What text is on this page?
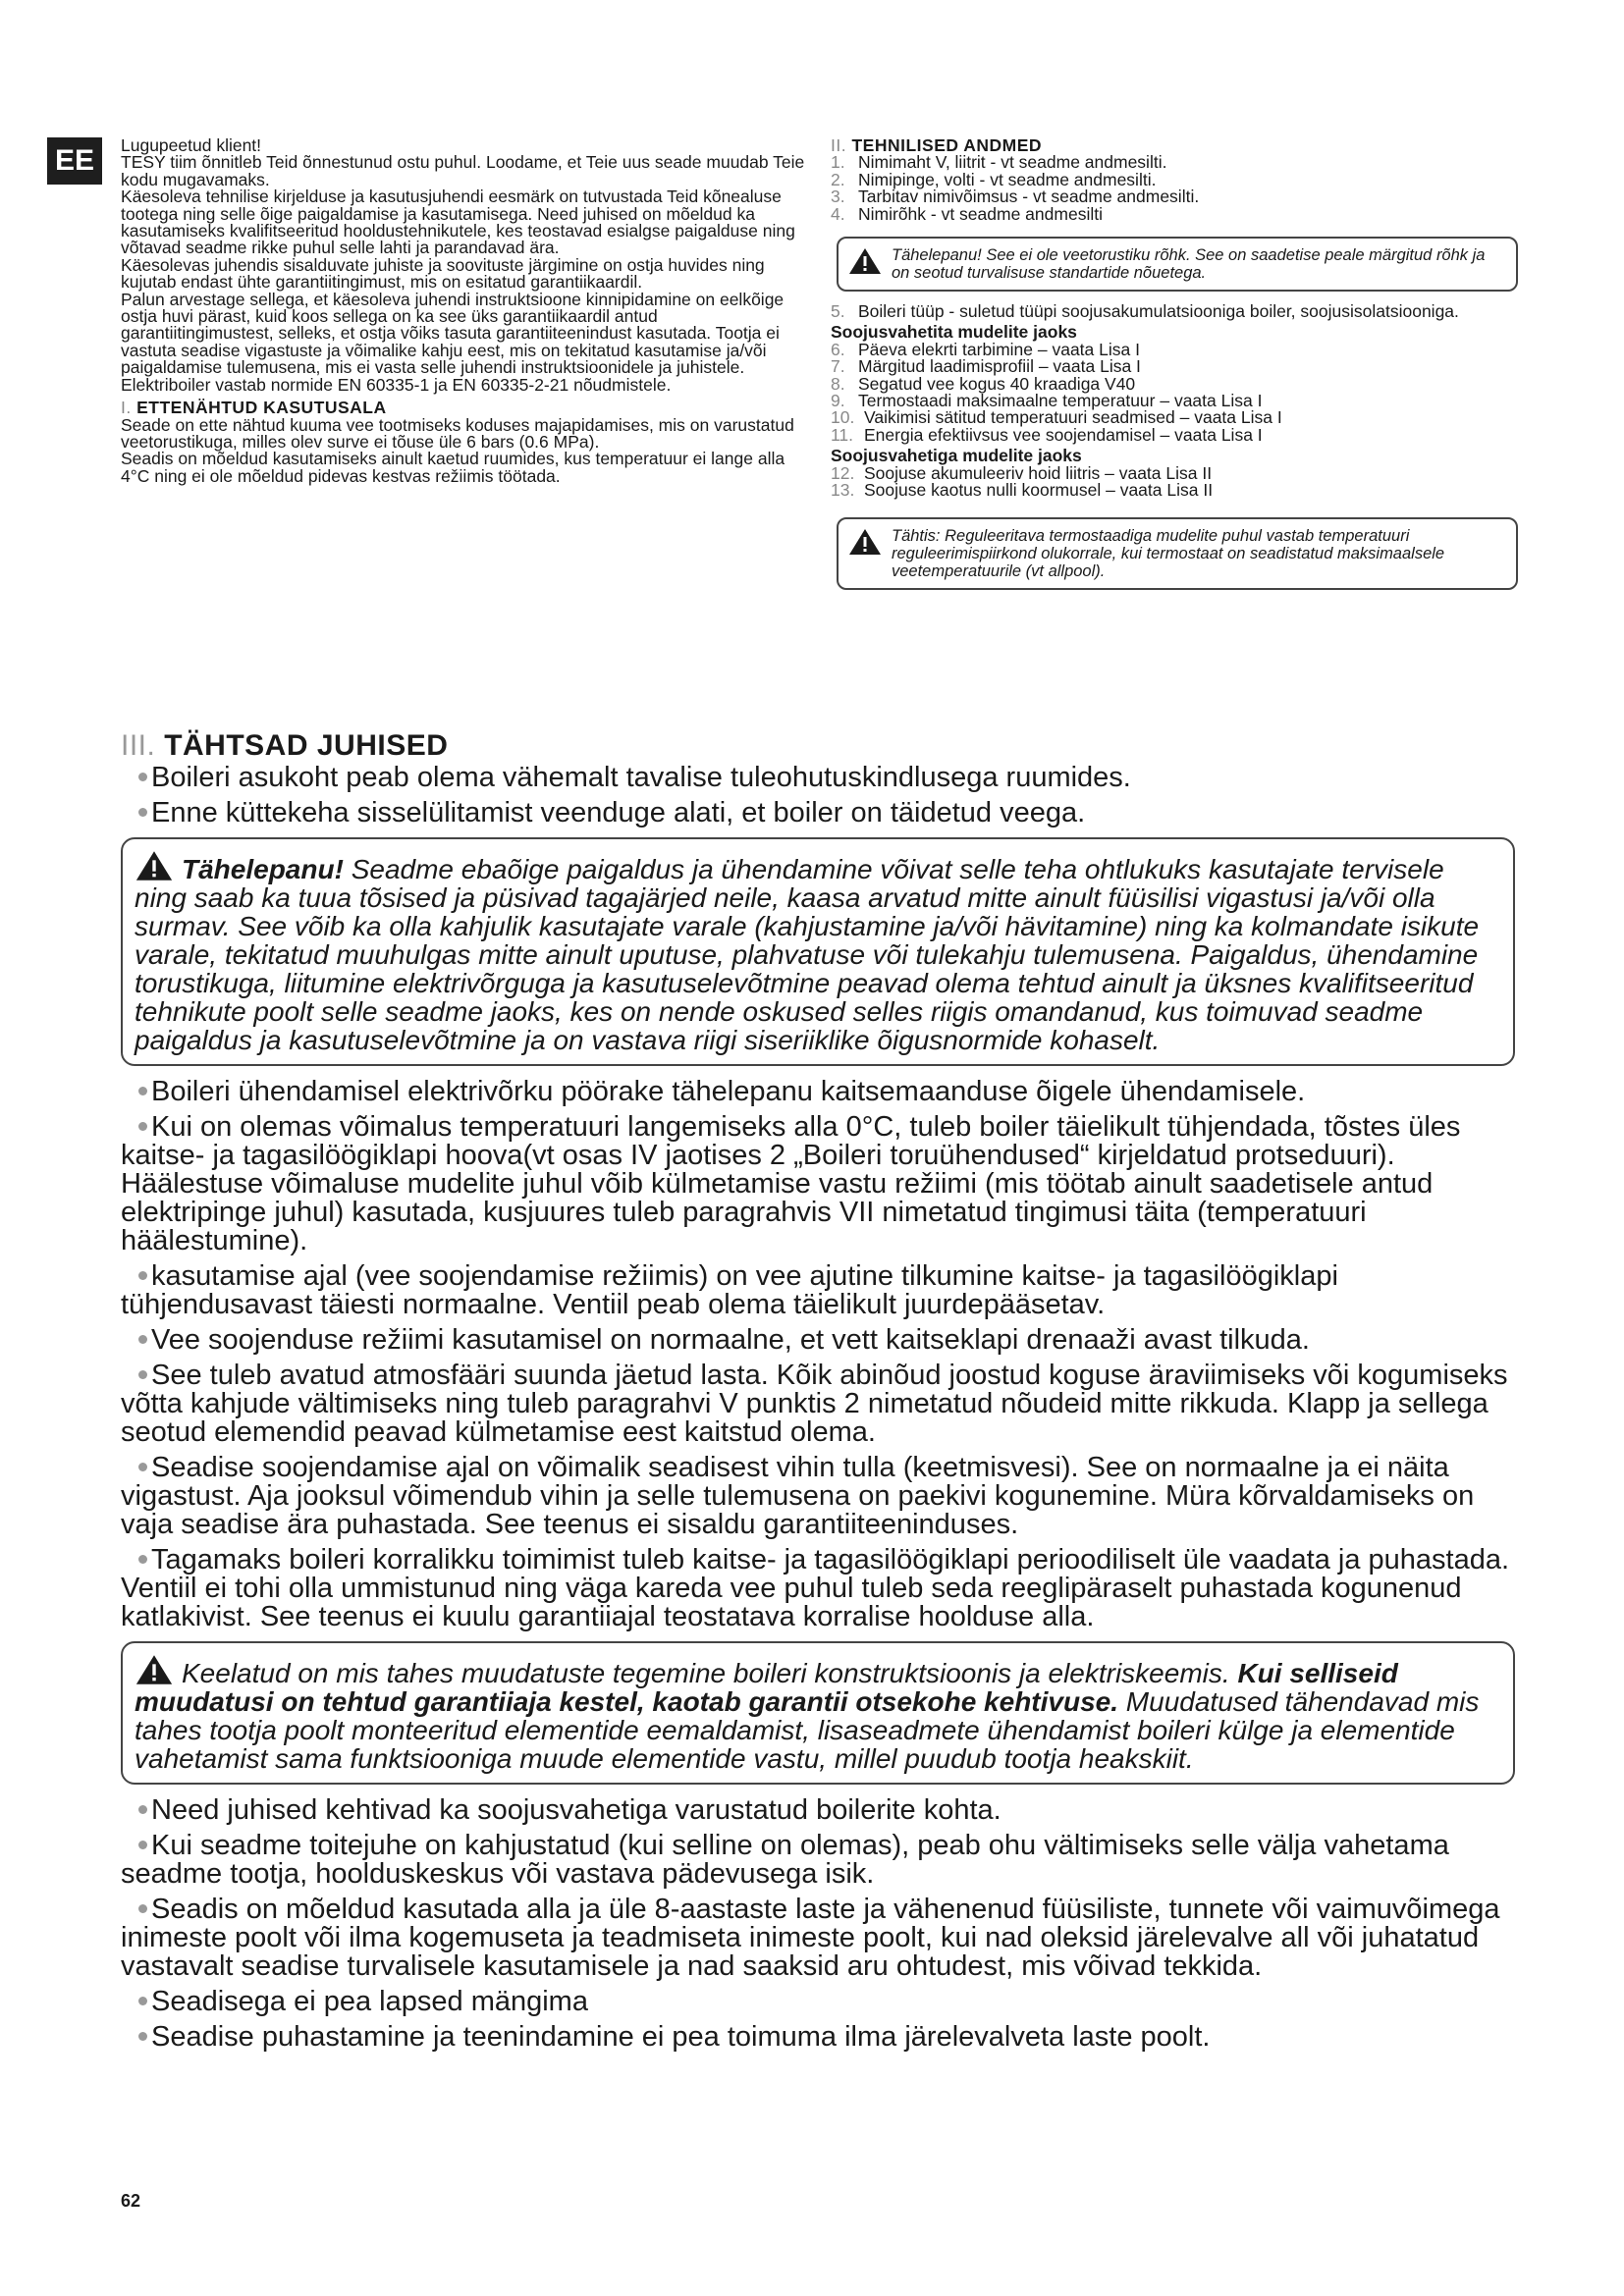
EE	Lugupeetud klient!

TESY tiim õnnitleb Teid õnnestunud ostu puhul. Loodame, et Teie uus seade muudab Teie kodu mugavamaks.

Käesoleva tehnilise kirjelduse ja kasutusjuhendi eesmärk on tutvustada Teid kõnealuse tootega ning selle õige paigaldamise ja kasutamisega. Need juhised on mõeldud ka kasutamiseks kvalifitseeritud hooldustehnikutele, kes teostavad esialgse paigalduse ning võtavad seadme rikke puhul selle lahti ja parandavad ära.

Käesolevas juhendis sisalduvate juhiste ja soovituste järgimine on ostja huvides ning kujutab endast ühte garantiitingimust, mis on esitatud garantiikaardil.

Palun arvestage sellega, et käesoleva juhendi instruktsioone kinnipidamine on eelkõige ostja huvi pärast, kuid koos sellega on ka see üks garantiikaardil antud garantiitingimustest, selleks, et ostja võiks tasuta garantiiteenindust kasutada. Tootja ei vastuta seadise vigastuste ja võimalike kahju eest, mis on tekitatud kasutamise ja/või paigaldamise tulemusena, mis ei vasta selle juhendi instruktsioonidele ja juhistele.

Elektriboiler vastab normide EN 60335-1 ja EN 60335-2-21 nõudmistele.

I. ETTENÄHTUD KASUTUSALA

Seade on ette nähtud kuuma vee tootmiseks koduses majapidamises, mis on varustatud veetorustikuga, milles olev surve ei tõuse üle 6 bars (0.6 MPa).

Seadis on mõeldud kasutamiseks ainult kaetud ruumides, kus temperatuur ei lange alla 4°C ning ei ole mõeldud pidevas kestvas režiimis töötada.

II. TEHNILISED ANDMED

1. Nimimaht V, liitrit - vt seadme andmesilti.
2. Nimipinge, volti - vt seadme andmesilti.
3. Tarbitav nimivõimsus - vt seadme andmesilti.
4. Nimirõhk - vt seadme andmesilti
Tähelepanu! See ei ole veetorustiku rõhk. See on saadetise peale märgitud rõhk ja on seotud turvalisuse standartide nõuetega.
5. Boileri tüüp - suletud tüüpi soojusakumulatsiooniga boiler, soojusisolatsiooniga.

Soojusvahetita mudelite jaoks

6. Päeva elekrti tarbimine – vaata Lisa I
7. Märgitud laadimisprofiil – vaata Lisa I
8. Segatud vee kogus 40 kraadiga V40
9. Termostaadi maksimaalne temperatuur – vaata Lisa I
10. Vaikimisi sätitud temperatuuri seadmised – vaata Lisa I
11. Energia efektiivsus vee soojendamisel – vaata Lisa I

Soojusvahetiga mudelite jaoks

12. Soojuse akumuleeriv hoid liitris – vaata Lisa II
13. Soojuse kaotus nulli koormusel – vaata Lisa II
Tähtis: Reguleeritava termostaadiga mudelite puhul vastab temperatuuri reguleerimispiirkond olukorrale, kui termostaat on seadistatud maksimaalsele veetemperatuurile (vt allpool).

III. TÄHTSAD JUHISED

Boileri asukoht peab olema vähemalt tavalise tuleohutuskindlusega ruumides.

Enne küttekeha sisselülitamist veenduge alati, et boiler on täidetud veega.

Tähelepanu! Seadme ebaõige paigaldus ja ühendamine võivat selle teha ohtlukuks kasutajate tervisele ning saab ka tuua tõsised ja püsivad tagajärjed neile, kaasa arvatud mitte ainult füüsilisi vigastusi ja/või olla surmav. See võib ka olla kahjulik kasutajate varale (kahjustamine ja/või hävitamine) ning ka kolmandate isikute varale, tekitatud muuhulgas mitte ainult uputuse, plahvatuse või tulekahju tulemusena. Paigaldus, ühendamine torustikuga, liitumine elektrivõrguga ja kasutuselevõtmine peavad olema tehtud ainult ja üksnes kvalifitseeritud tehnikute poolt selle seadme jaoks, kes on nende oskused selles riigis omandanud, kus toimuvad seadme paigaldus ja kasutuselevõtmine ja on vastava riigi siseriiklike õigusnormide kohaselt.

Boileri ühendamisel elektrivõrku pöörake tähelepanu kaitsemaanduse õigele ühendamisele.

Kui on olemas võimalus temperatuuri langemiseks alla 0°C, tuleb boiler täielikult tühjendada, tõstes üles kaitse- ja tagasilöögiklapi hoova(vt osas IV jaotises 2 „Boileri toruühendused“ kirjeldatud protseduuri). Häälestuse võimaluse mudelite juhul võib külmetamise vastu režiimi (mis töötab ainult saadetisele antud elektripinge juhul) kasutada, kusjuures tuleb paragrahvis VII nimetatud tingimusi täita (temperatuuri häälestumine).

kasutamise ajal (vee soojendamise režiimis) on vee ajutine tilkumine kaitse- ja tagasilöögiklapi tühjendusavast täiesti normaalne. Ventiil peab olema täielikult juurdepääsetav.

Vee soojenduse režiimi kasutamisel on normaalne, et vett kaitseklapi drenaaži avast tilkuda.

See tuleb avatud atmosfääri suunda jäetud lasta. Kõik abinõud joostud koguse äraviimiseks või kogumiseks võtta kahjude vältimiseks ning tuleb paragrahvi V punktis 2 nimetatud nõudeid mitte rikkuda. Klapp ja sellega seotud elemendid peavad külmetamise eest kaitstud olema.

Seadise soojendamise ajal on võimalik seadisest vihin tulla (keetmisvesi). See on normaalne ja ei näita vigastust. Aja jooksul võimendub vihin ja selle tulemusena on paekivi kogunemine. Müra kõrvaldamiseks on vaja seadise ära puhastada. See teenus ei sisaldu garantiiteeninduses.

Tagamaks boileri korralikku toimimist tuleb kaitse- ja tagasilöögiklapi perioodiliselt üle vaadata ja puhastada. Ventiil ei tohi olla ummistunud ning väga kareda vee puhul tuleb seda reeglipäraselt puhastada kogunenud katlakivist. See teenus ei kuulu garantiiajal teostatava korralise hoolduse alla.

Keelatud on mis tahes muudatuste tegemine boileri konstruktsioonis ja elektriskeemis. Kui selliseid muudatusi on tehtud garantiiaja kestel, kaotab garantii otsekohe kehtivuse. Muudatused tähendavad mis tahes tootja poolt monteeritud elementide eemaldamist, lisaseadmete ühendamist boileri külge ja elementide vahetamist sama funktsiooniga muude elementide vastu, millel puudub tootja heakskiit.

Need juhised kehtivad ka soojusvahetiga varustatud boilerite kohta.

Kui seadme toitejuhe on kahjustatud (kui selline on olemas), peab ohu vältimiseks selle välja vahetama seadme tootja, hoolduskeskus või vastava pädevusega isik.

Seadis on mõeldud kasutada alla ja üle 8-aastaste laste ja vähenenud füüsiliste, tunnete või vaimuvõimega inimeste poolt või ilma kogemuseta ja teadmiseta inimeste poolt, kui nad oleksid järelevalve all või juhatatud vastavalt seadise turvalisele kasutamisele ja nad saaksid aru ohtudest, mis võivad tekkida.

Seadisega ei pea lapsed mängima

Seadise puhastamine ja teenindamine ei pea toimuma ilma järelevalveta laste poolt.

62
